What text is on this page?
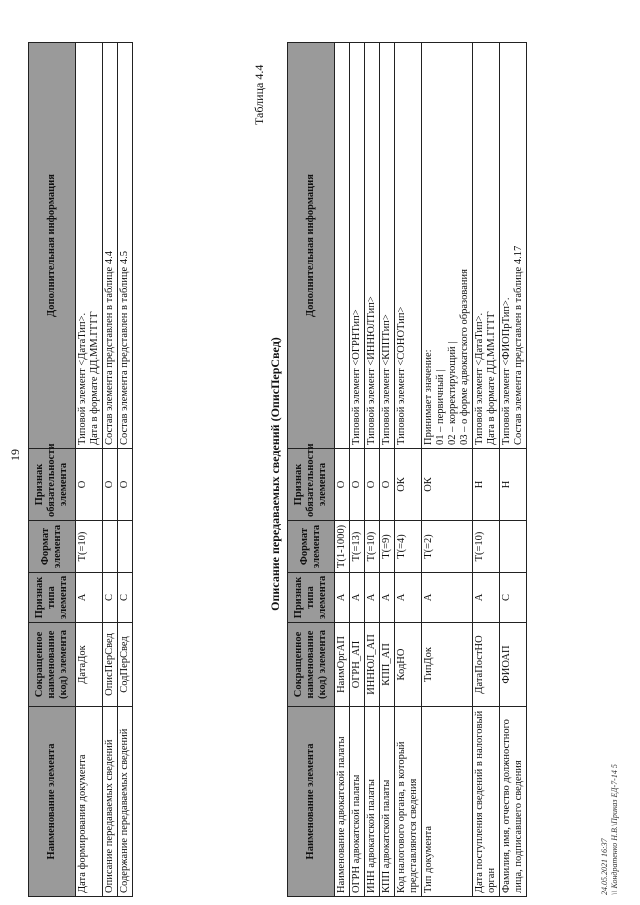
19
Наименование элемента	Сокращенное наименование (код) элемента	Признак типа элемента	Формат элемента	Признак обязательности элемента	Дополнительная информация
Дата формирования документа	ДатаДок	А	T(=10)	О	Типовой элемент <ДатаТип>.
Дата в формате ДД.ММ.ГГГГ
Описание передаваемых сведений	ОписПерСвед	С		О	Состав элемента представлен в таблице 4.4
Содержание передаваемых сведений	СодПерСвед	С		О	Состав элемента представлен в таблице 4.5
Таблица 4.4
Описание передаваемых сведений (ОписПерСвед)
Наименование элемента	Сокращенное наименование (код) элемента	Признак типа элемента	Формат элемента	Признак обязательности элемента	Дополнительная информация
Наименование адвокатской палаты	НаимОргАП	А	T(1-1000)	О	
ОГРН адвокатской палаты	ОГРН_АП	А	T(=13)	О	Типовой элемент <ОГРНТип>
ИНН адвокатской палаты	ИННЮЛ_АП	А	T(=10)	О	Типовой элемент <ИННЮЛТип>
КПП адвокатской палаты	КПП_АП	А	T(=9)	О	Типовой элемент <КППТип>
Код налогового органа, в который представляются сведения	КодНО	А	T(=4)	ОК	Типовой элемент <СОНОТип>
Тип документа	ТипДок	А	T(=2)	ОК	Принимает значение:
01 – первичный |
02 – корректирующий |
03 – о форме адвокатского образования
Дата поступления сведений в налоговый орган	ДатаПостНО	А	T(=10)	Н	Типовой элемент <ДатаТип>.
Дата в формате ДД.ММ.ГГГГ
Фамилия, имя, отчество должностного лица, подписавшего сведения	ФИОАП	С		Н	Типовой элемент <ФИОПрТип>.
Состав элемента представлен в таблице 4.17
24.05.2021 16:37 \\ Кондратенко Н.В.\Приказ ЕД-7-14 5
